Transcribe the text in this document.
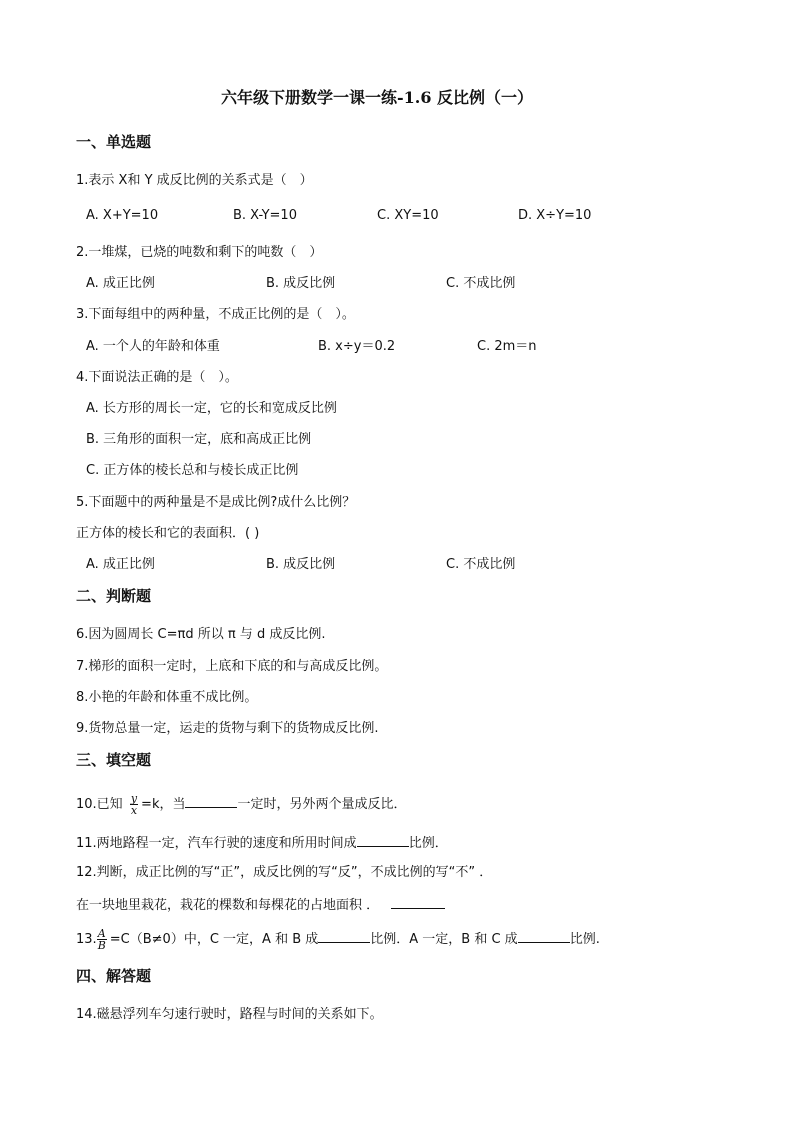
六年级下册数学一课一练-1.6 反比例（一）
一、单选题
1.表示 X和 Y 成反比例的关系式是（　）
A. X+Y=10	B. X-Y=10	C. XY=10	D. X÷Y=10
2.一堆煤，已烧的吨数和剩下的吨数（　）
A. 成正比例	B. 成反比例	C. 不成比例
3.下面每组中的两种量，不成正比例的是（　）。
A. 一个人的年龄和体重	B. x÷y＝0.2	C. 2m＝n
4.下面说法正确的是（　）。
A. 长方形的周长一定，它的长和宽成反比例
B. 三角形的面积一定，底和高成正比例
C. 正方体的棱长总和与棱长成正比例
5.下面题中的两种量是不是成比例?成什么比例？
正方体的棱长和它的表面积．( )
A. 成正比例	B. 成反比例	C. 不成比例
二、判断题
6.因为圆周长 C=πd 所以 π 与 d 成反比例.
7.梯形的面积一定时，上底和下底的和与高成反比例。
8.小艳的年龄和体重不成比例。
9.货物总量一定，运走的货物与剩下的货物成反比例.
三、填空题
10.已知 $\frac{y}{x} =k$，当	一定时，另外两个量成反比．
11.两地路程一定，汽车行驶的速度和所用时间成	比例．
12.判断，成正比例的写“正”，成反比例的写“反”，不成比例的写“不” ．
在一块地里栽花，栽花的棵数和每棵花的占地面积 ．
13. $\frac{A}{B} =C(B\ne 0)$中，C 一定，A 和 B 成	比例．A 一定，B 和 C 成	比例.
四、解答题
14.磁悬浮列车匀速行驶时，路程与时间的关系如下。
